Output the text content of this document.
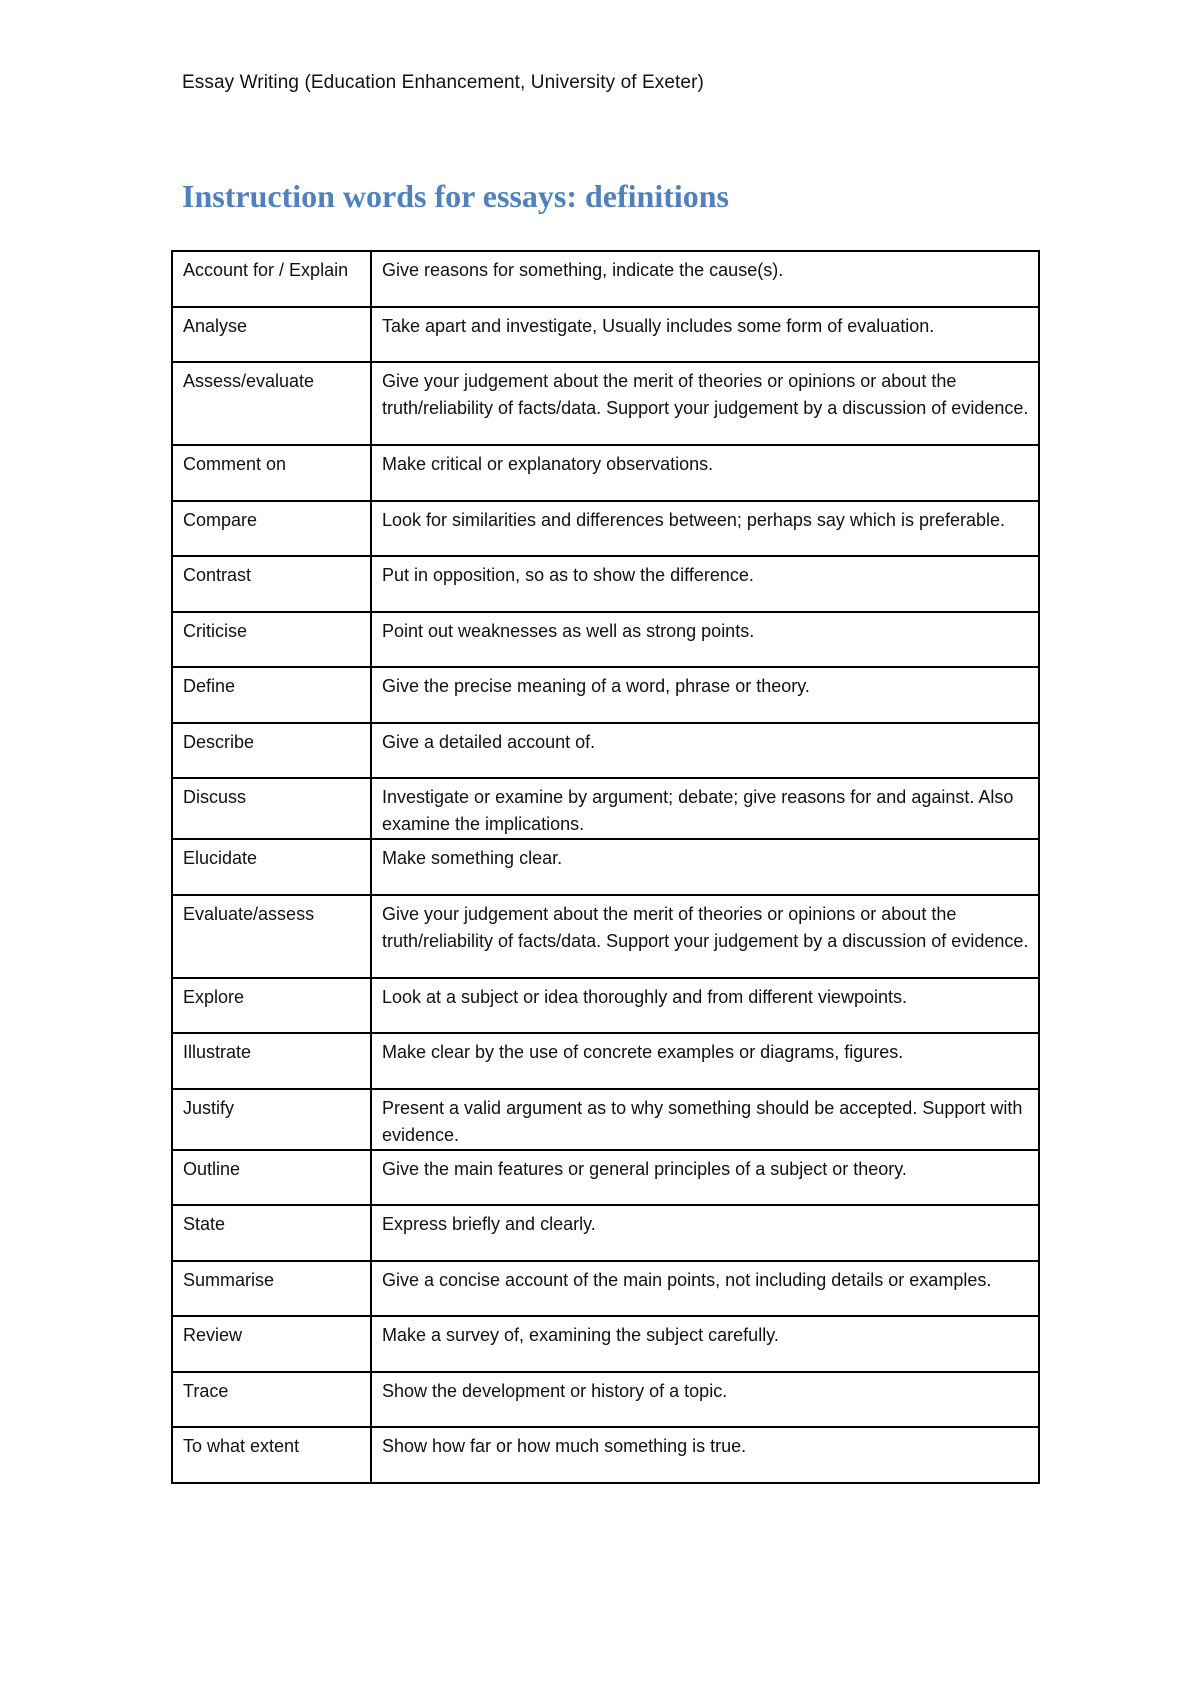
Essay Writing (Education Enhancement, University of Exeter)
Instruction words for essays: definitions
Account for / Explain	Give reasons for something, indicate the cause(s).
Analyse	Take apart and investigate, Usually includes some form of evaluation.
Assess/evaluate	Give your judgement about the merit of theories or opinions or about the truth/reliability of facts/data. Support your judgement by a discussion of evidence.
Comment on	Make critical or explanatory observations.
Compare	Look for similarities and differences between; perhaps say which is preferable.
Contrast	Put in opposition, so as to show the difference.
Criticise	Point out weaknesses as well as strong points.
Define	Give the precise meaning of a word, phrase or theory.
Describe	Give a detailed account of.
Discuss	Investigate or examine by argument; debate; give reasons for and against. Also examine the implications.
Elucidate	Make something clear.
Evaluate/assess	Give your judgement about the merit of theories or opinions or about the truth/reliability of facts/data. Support your judgement by a discussion of evidence.
Explore	Look at a subject or idea thoroughly and from different viewpoints.
Illustrate	Make clear by the use of concrete examples or diagrams, figures.
Justify	Present a valid argument as to why something should be accepted. Support with evidence.
Outline	Give the main features or general principles of a subject or theory.
State	Express briefly and clearly.
Summarise	Give a concise account of the main points, not including details or examples.
Review	Make a survey of, examining the subject carefully.
Trace	Show the development or history of a topic.
To what extent	Show how far or how much something is true.
